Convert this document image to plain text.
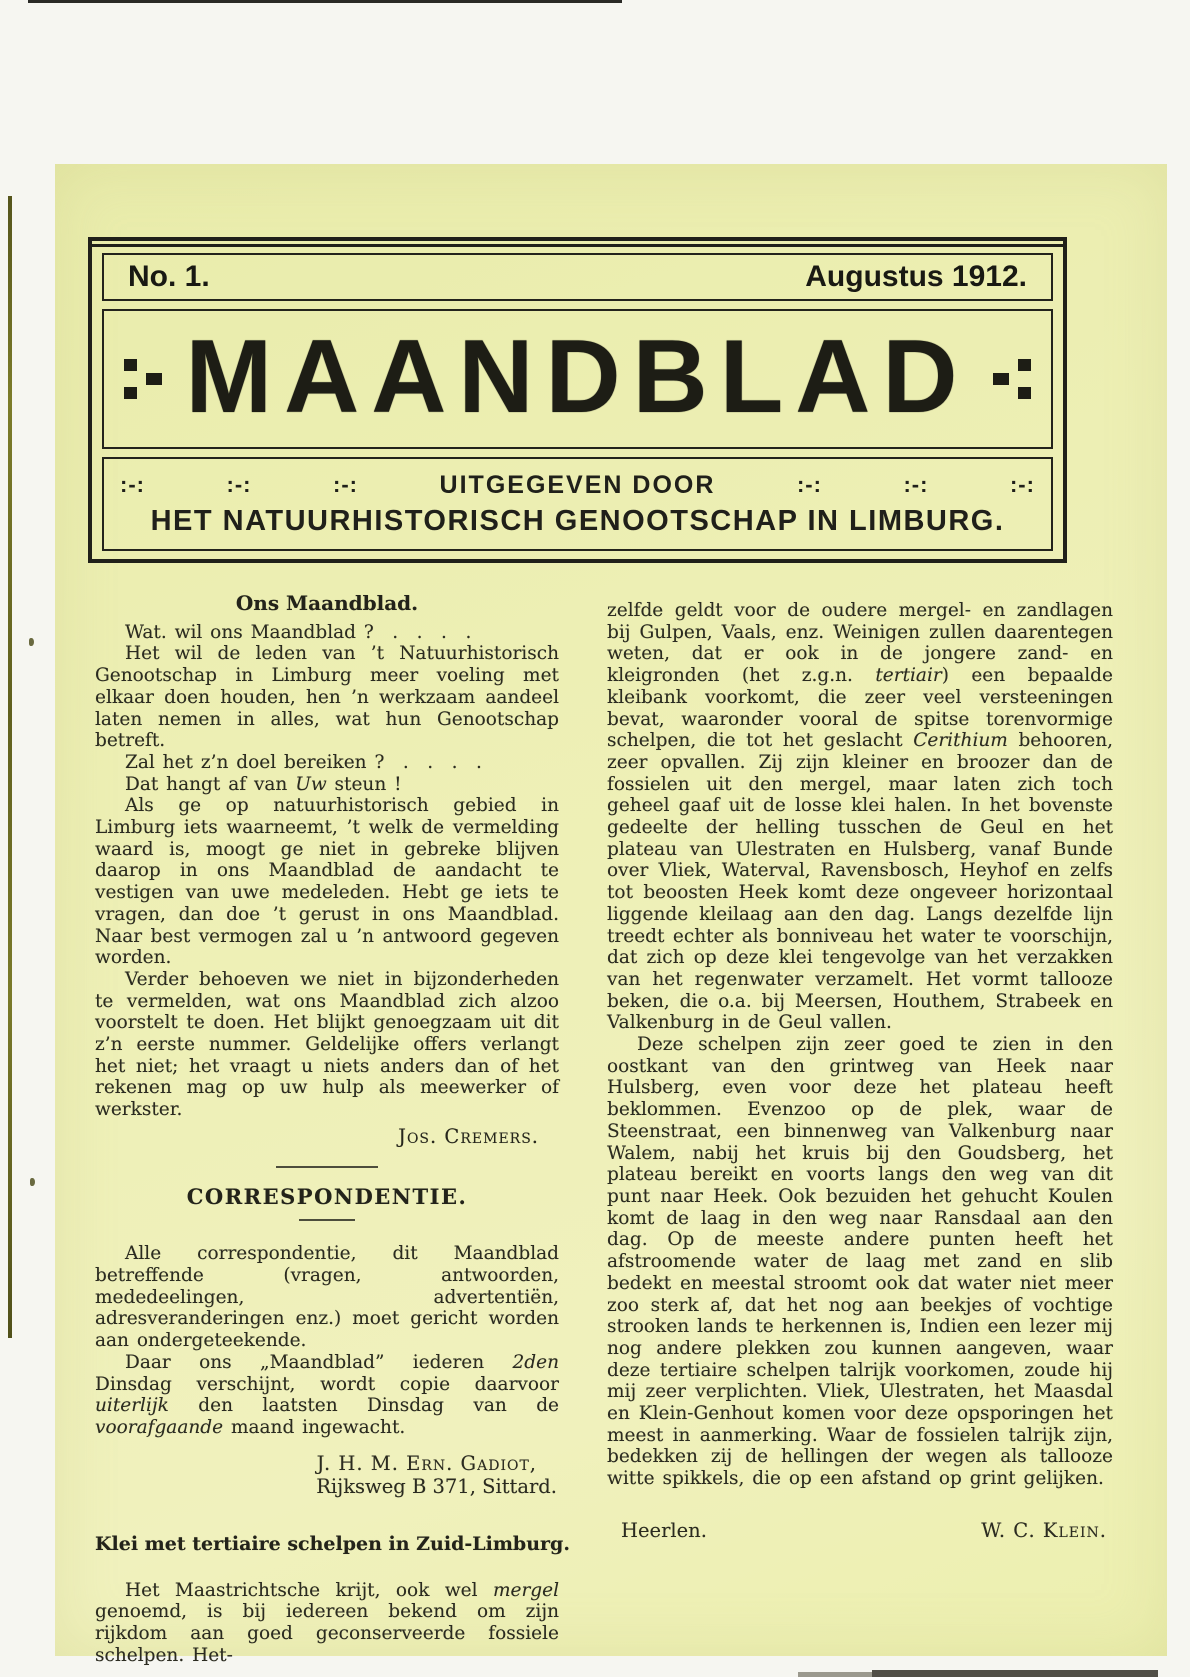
No. 1.	Augustus 1912.
MAANDBLAD
:-:	:-:	:-:	UITGEGEVEN DOOR	:-:	:-:	:-:
HET NATUURHISTORISCH GENOOTSCHAP IN LIMBURG.
Ons Maandblad.

Wat. wil ons Maandblad ? . . . .

Het wil de leden van ’t Natuurhistorisch Genootschap in Limburg meer voeling met elkaar doen houden, hen ’n werkzaam aandeel laten nemen in alles, wat hun Genootschap betreft.

Zal het z’n doel bereiken ? . . . .

Dat hangt af van Uw steun !

Als ge op natuurhistorisch gebied in Limburg iets waarneemt, ’t welk de vermelding waard is, moogt ge niet in gebreke blijven daarop in ons Maandblad de aandacht te vestigen van uwe medeleden. Hebt ge iets te vragen, dan doe ’t gerust in ons Maandblad. Naar best vermogen zal u ’n antwoord gegeven worden.

Verder behoeven we niet in bijzonderheden te vermelden, wat ons Maandblad zich alzoo voorstelt te doen. Het blijkt genoegzaam uit dit z’n eerste nummer. Geldelijke offers verlangt het niet; het vraagt u niets anders dan of het rekenen mag op uw hulp als meewerker of werkster.

Jos. Cremers.
CORRESPONDENTIE.

Alle correspondentie, dit Maandblad betreffende (vragen, antwoorden, mededeelingen, advertentiën, adresveranderingen enz.) moet gericht worden aan ondergeteekende.

Daar ons „Maandblad” iederen 2den Dinsdag verschijnt, wordt copie daarvoor uiterlijk den laatsten Dinsdag van de voorafgaande maand ingewacht.

J. H. M. Ern. Gadiot,
Rijksweg B 371, Sittard.
Klei met tertiaire schelpen in Zuid-Limburg.

Het Maastrichtsche krijt, ook wel mergel genoemd, is bij iedereen bekend om zijn rijkdom aan goed geconserveerde fossiele schelpen. Het-

zelfde geldt voor de oudere mergel- en zandlagen bij Gulpen, Vaals, enz. Weinigen zullen daarentegen weten, dat er ook in de jongere zand- en kleigronden (het z.g.n. tertiair) een bepaalde kleibank voorkomt, die zeer veel versteeningen bevat, waaronder vooral de spitse torenvormige schelpen, die tot het geslacht Cerithium behooren, zeer opvallen. Zij zijn kleiner en broozer dan de fossielen uit den mergel, maar laten zich toch geheel gaaf uit de losse klei halen. In het bovenste gedeelte der helling tusschen de Geul en het plateau van Ulestraten en Hulsberg, vanaf Bunde over Vliek, Waterval, Ravensbosch, Heyhof en zelfs tot beoosten Heek komt deze ongeveer horizontaal liggende kleilaag aan den dag. Langs dezelfde lijn treedt echter als bonniveau het water te voorschijn, dat zich op deze klei tengevolge van het verzakken van het regenwater verzamelt. Het vormt tallooze beken, die o.a. bij Meersen, Houthem, Strabeek en Valkenburg in de Geul vallen.

Deze schelpen zijn zeer goed te zien in den oostkant van den grintweg van Heek naar Hulsberg, even voor deze het plateau heeft beklommen. Evenzoo op de plek, waar de Steenstraat, een binnenweg van Valkenburg naar Walem, nabij het kruis bij den Goudsberg, het plateau bereikt en voorts langs den weg van dit punt naar Heek. Ook bezuiden het gehucht Koulen komt de laag in den weg naar Ransdaal aan den dag. Op de meeste andere punten heeft het afstroomende water de laag met zand en slib bedekt en meestal stroomt ook dat water niet meer zoo sterk af, dat het nog aan beekjes of vochtige strooken lands te herkennen is, Indien een lezer mij nog andere plekken zou kunnen aangeven, waar deze tertiaire schelpen talrijk voorkomen, zoude hij mij zeer verplichten. Vliek, Ulestraten, het Maasdal en Klein-Genhout komen voor deze opsporingen het meest in aanmerking. Waar de fossielen talrijk zijn, bedekken zij de hellingen der wegen als tallooze witte spikkels, die op een afstand op grint gelijken.

Heerlen.	W. C. Klein.
